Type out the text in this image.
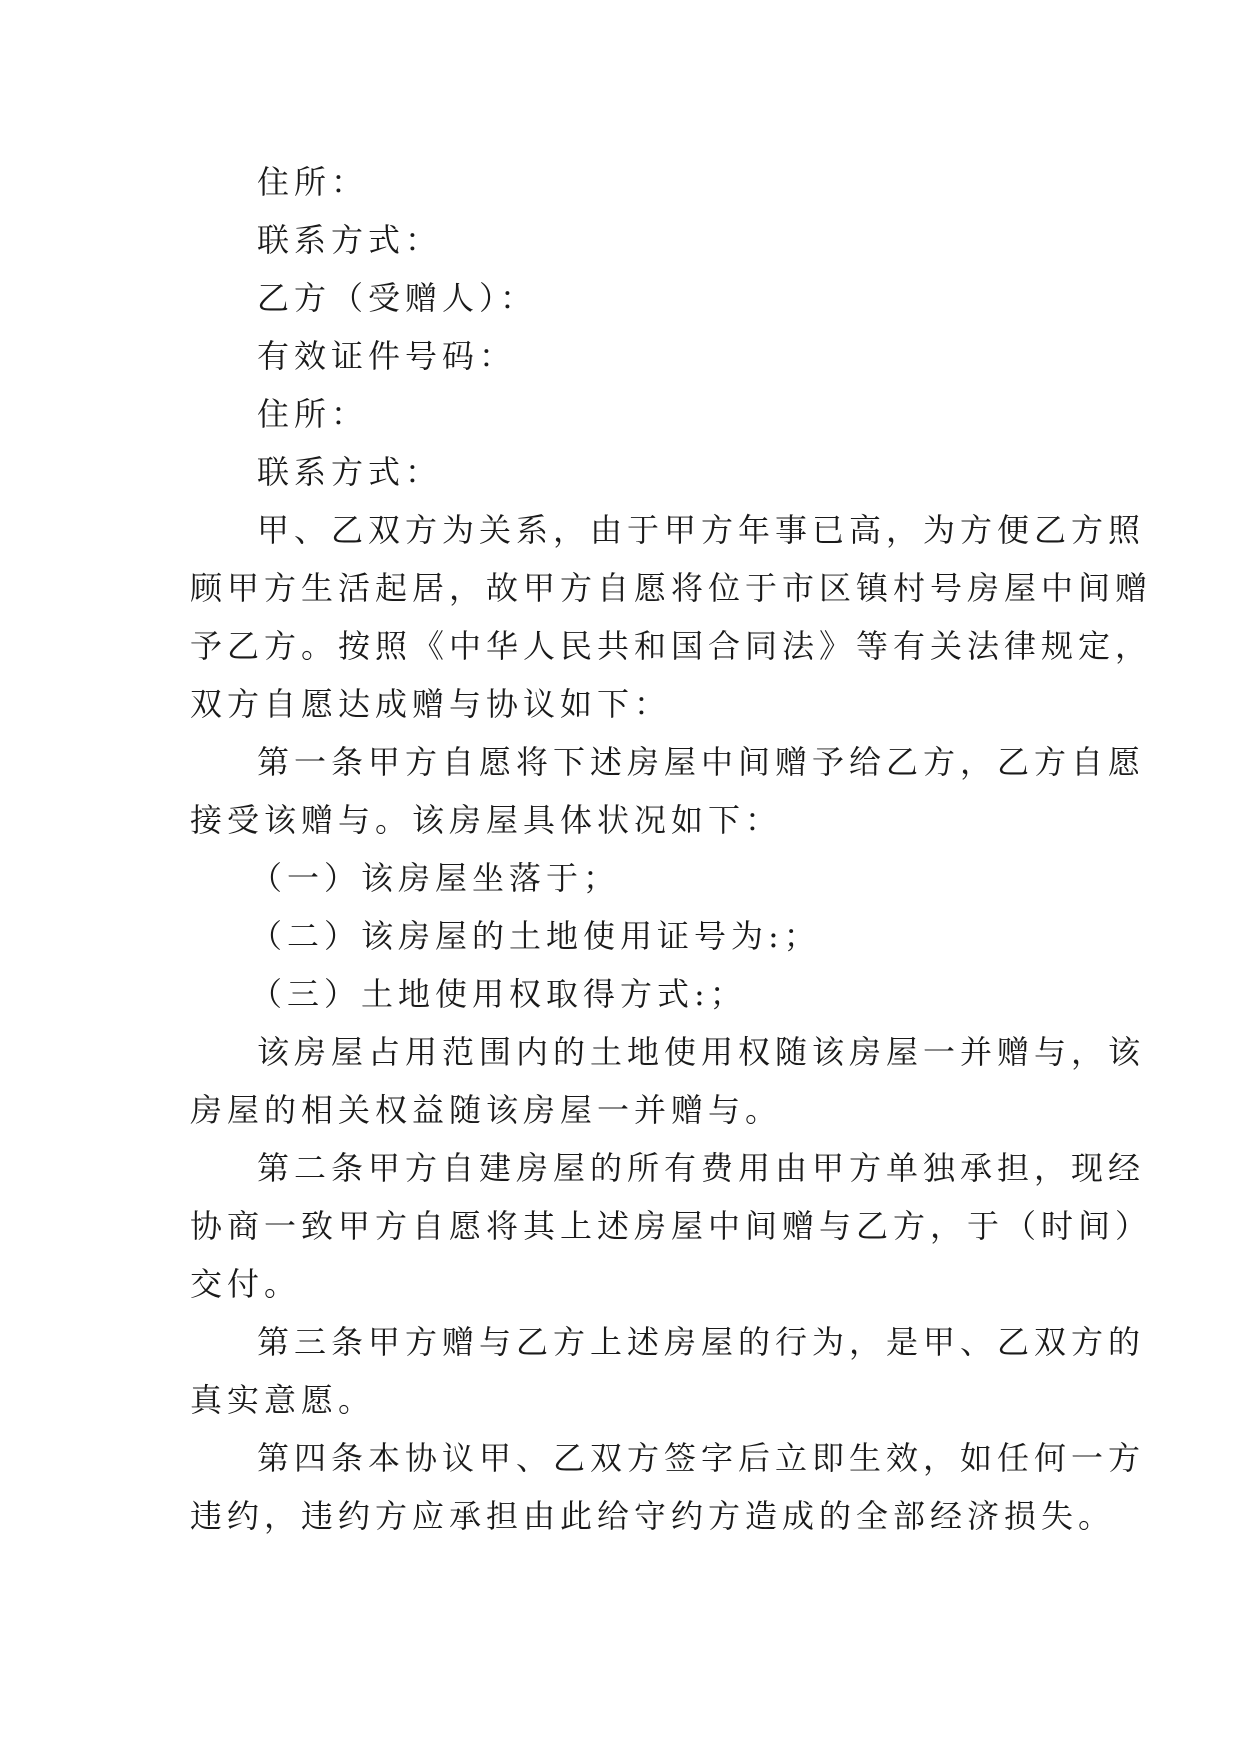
住所：
联系方式：
乙方（受赠人）：
有效证件号码：
住所：
联系方式：
甲、乙双方为关系，由于甲方年事已高，为方便乙方照
顾甲方生活起居，故甲方自愿将位于市区镇村号房屋中间赠
予乙方。按照《中华人民共和国合同法》等有关法律规定，
双方自愿达成赠与协议如下：
第一条甲方自愿将下述房屋中间赠予给乙方，乙方自愿
接受该赠与。该房屋具体状况如下：
（一）该房屋坐落于；
（二）该房屋的土地使用证号为:；
（三）土地使用权取得方式:；
该房屋占用范围内的土地使用权随该房屋一并赠与，该
房屋的相关权益随该房屋一并赠与。
第二条甲方自建房屋的所有费用由甲方单独承担，现经
协商一致甲方自愿将其上述房屋中间赠与乙方，于（时间）
交付。
第三条甲方赠与乙方上述房屋的行为，是甲、乙双方的
真实意愿。
第四条本协议甲、乙双方签字后立即生效，如任何一方
违约，违约方应承担由此给守约方造成的全部经济损失。
